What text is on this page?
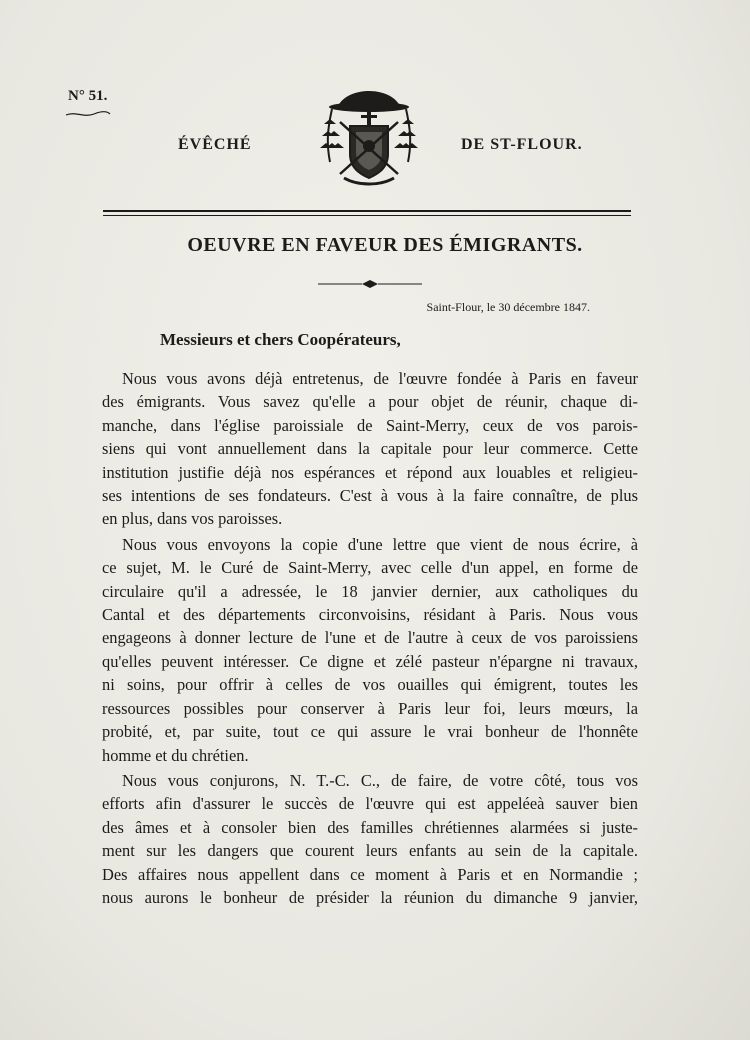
N° 51.
ÉVÊCHÉ	DE ST-FLOUR.
OEUVRE EN FAVEUR DES ÉMIGRANTS.
Saint-Flour, le 30 décembre 1847.
Messieurs et chers Coopérateurs,
Nous vous avons déjà entretenus, de l'œuvre fondée à Paris en faveur
des émigrants. Vous savez qu'elle a pour objet de réunir, chaque di-
manche, dans l'église paroissiale de Saint-Merry, ceux de vos parois-
siens qui vont annuellement dans la capitale pour leur commerce. Cette
institution justifie déjà nos espérances et répond aux louables et religieu-
ses intentions de ses fondateurs. C'est à vous à la faire connaître, de plus
en plus, dans vos paroisses.
Nous vous envoyons la copie d'une lettre que vient de nous écrire, à
ce sujet, M. le Curé de Saint-Merry, avec celle d'un appel, en forme de
circulaire qu'il a adressée, le 18 janvier dernier, aux catholiques du
Cantal et des départements circonvoisins, résidant à Paris. Nous vous
engageons à donner lecture de l'une et de l'autre à ceux de vos paroissiens
qu'elles peuvent intéresser. Ce digne et zélé pasteur n'épargne ni travaux,
ni soins, pour offrir à celles de vos ouailles qui émigrent, toutes les
ressources possibles pour conserver à Paris leur foi, leurs mœurs, la
probité, et, par suite, tout ce qui assure le vrai bonheur de l'honnête
homme et du chrétien.
Nous vous conjurons, N. T.-C. C., de faire, de votre côté, tous vos
efforts afin d'assurer le succès de l'œuvre qui est appeléeà sauver bien
des âmes et à consoler bien des familles chrétiennes alarmées si juste-
ment sur les dangers que courent leurs enfants au sein de la capitale.
Des affaires nous appellent dans ce moment à Paris et en Normandie ;
nous aurons le bonheur de présider la réunion du dimanche 9 janvier,
